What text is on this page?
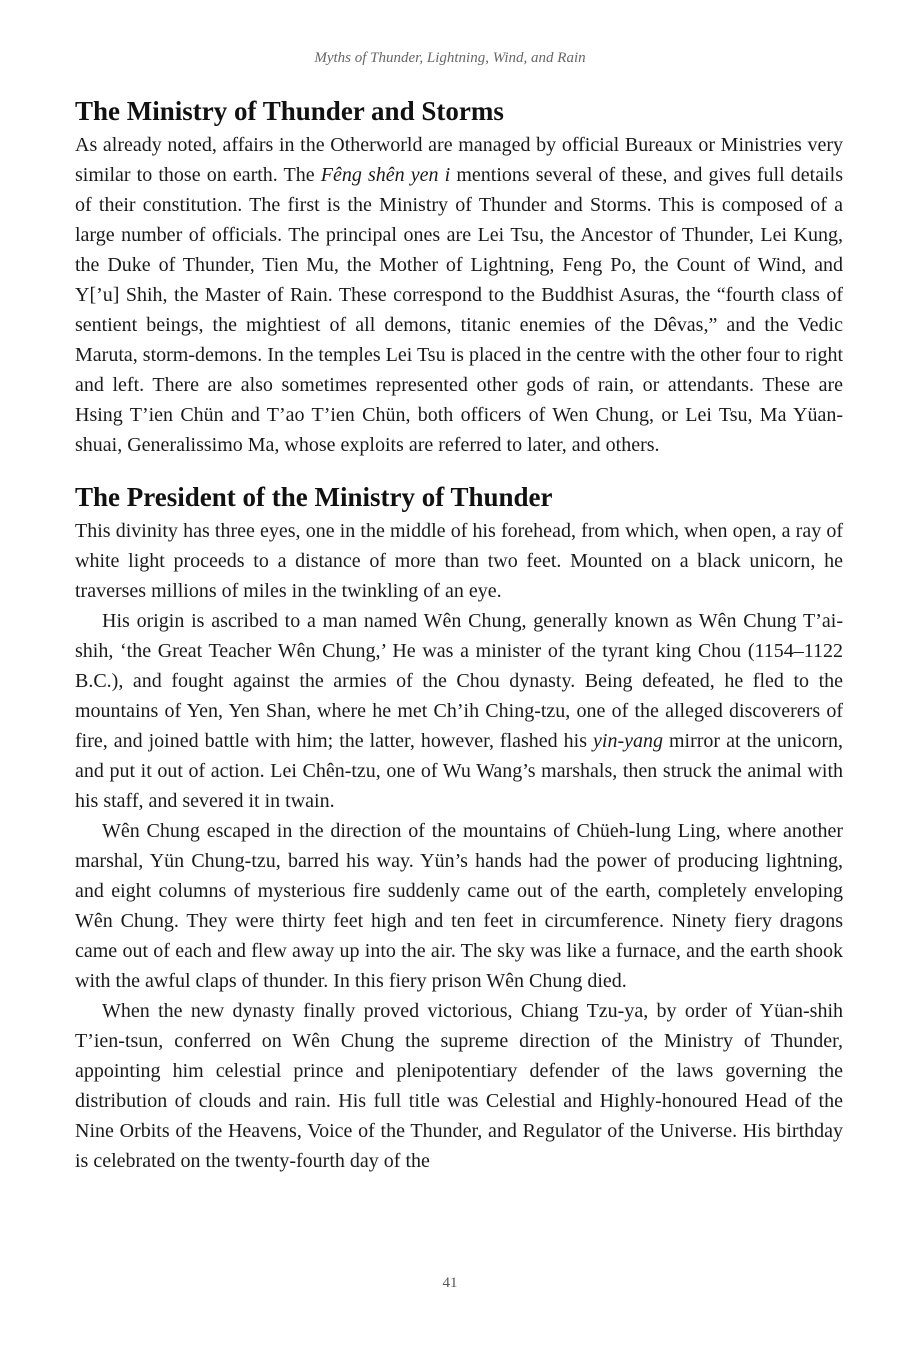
Myths of Thunder, Lightning, Wind, and Rain
The Ministry of Thunder and Storms

As already noted, affairs in the Otherworld are managed by official Bureaux or Ministries very similar to those on earth. The Fêng shên yen i mentions several of these, and gives full details of their constitution. The first is the Ministry of Thunder and Storms. This is composed of a large number of officials. The principal ones are Lei Tsu, the Ancestor of Thunder, Lei Kung, the Duke of Thunder, Tien Mu, the Mother of Lightning, Feng Po, the Count of Wind, and Y[’u] Shih, the Master of Rain. These correspond to the Buddhist Asuras, the “fourth class of sentient beings, the mightiest of all demons, titanic enemies of the Dêvas,” and the Vedic Maruta, storm-demons. In the temples Lei Tsu is placed in the centre with the other four to right and left. There are also sometimes represented other gods of rain, or attendants. These are Hsing T’ien Chün and T’ao T’ien Chün, both officers of Wen Chung, or Lei Tsu, Ma Yüan-shuai, Generalissimo Ma, whose exploits are referred to later, and others.

The President of the Ministry of Thunder

This divinity has three eyes, one in the middle of his forehead, from which, when open, a ray of white light proceeds to a distance of more than two feet. Mounted on a black unicorn, he traverses millions of miles in the twinkling of an eye.

His origin is ascribed to a man named Wên Chung, generally known as Wên Chung T’ai-shih, ‘the Great Teacher Wên Chung,’ He was a minister of the tyrant king Chou (1154–1122 B.C.), and fought against the armies of the Chou dynasty. Being defeated, he fled to the mountains of Yen, Yen Shan, where he met Ch’ih Ching-tzu, one of the alleged discoverers of fire, and joined battle with him; the latter, however, flashed his yin-yang mirror at the unicorn, and put it out of action. Lei Chên-tzu, one of Wu Wang’s marshals, then struck the animal with his staff, and severed it in twain.

Wên Chung escaped in the direction of the mountains of Chüeh-lung Ling, where another marshal, Yün Chung-tzu, barred his way. Yün’s hands had the power of producing lightning, and eight columns of mysterious fire suddenly came out of the earth, completely enveloping Wên Chung. They were thirty feet high and ten feet in circumference. Ninety fiery dragons came out of each and flew away up into the air. The sky was like a furnace, and the earth shook with the awful claps of thunder. In this fiery prison Wên Chung died.

When the new dynasty finally proved victorious, Chiang Tzu-ya, by order of Yüan-shih T’ien-tsun, conferred on Wên Chung the supreme direction of the Ministry of Thunder, appointing him celestial prince and plenipotentiary defender of the laws governing the distribution of clouds and rain. His full title was Celestial and Highly-honoured Head of the Nine Orbits of the Heavens, Voice of the Thunder, and Regulator of the Universe. His birthday is celebrated on the twenty-fourth day of the

41
